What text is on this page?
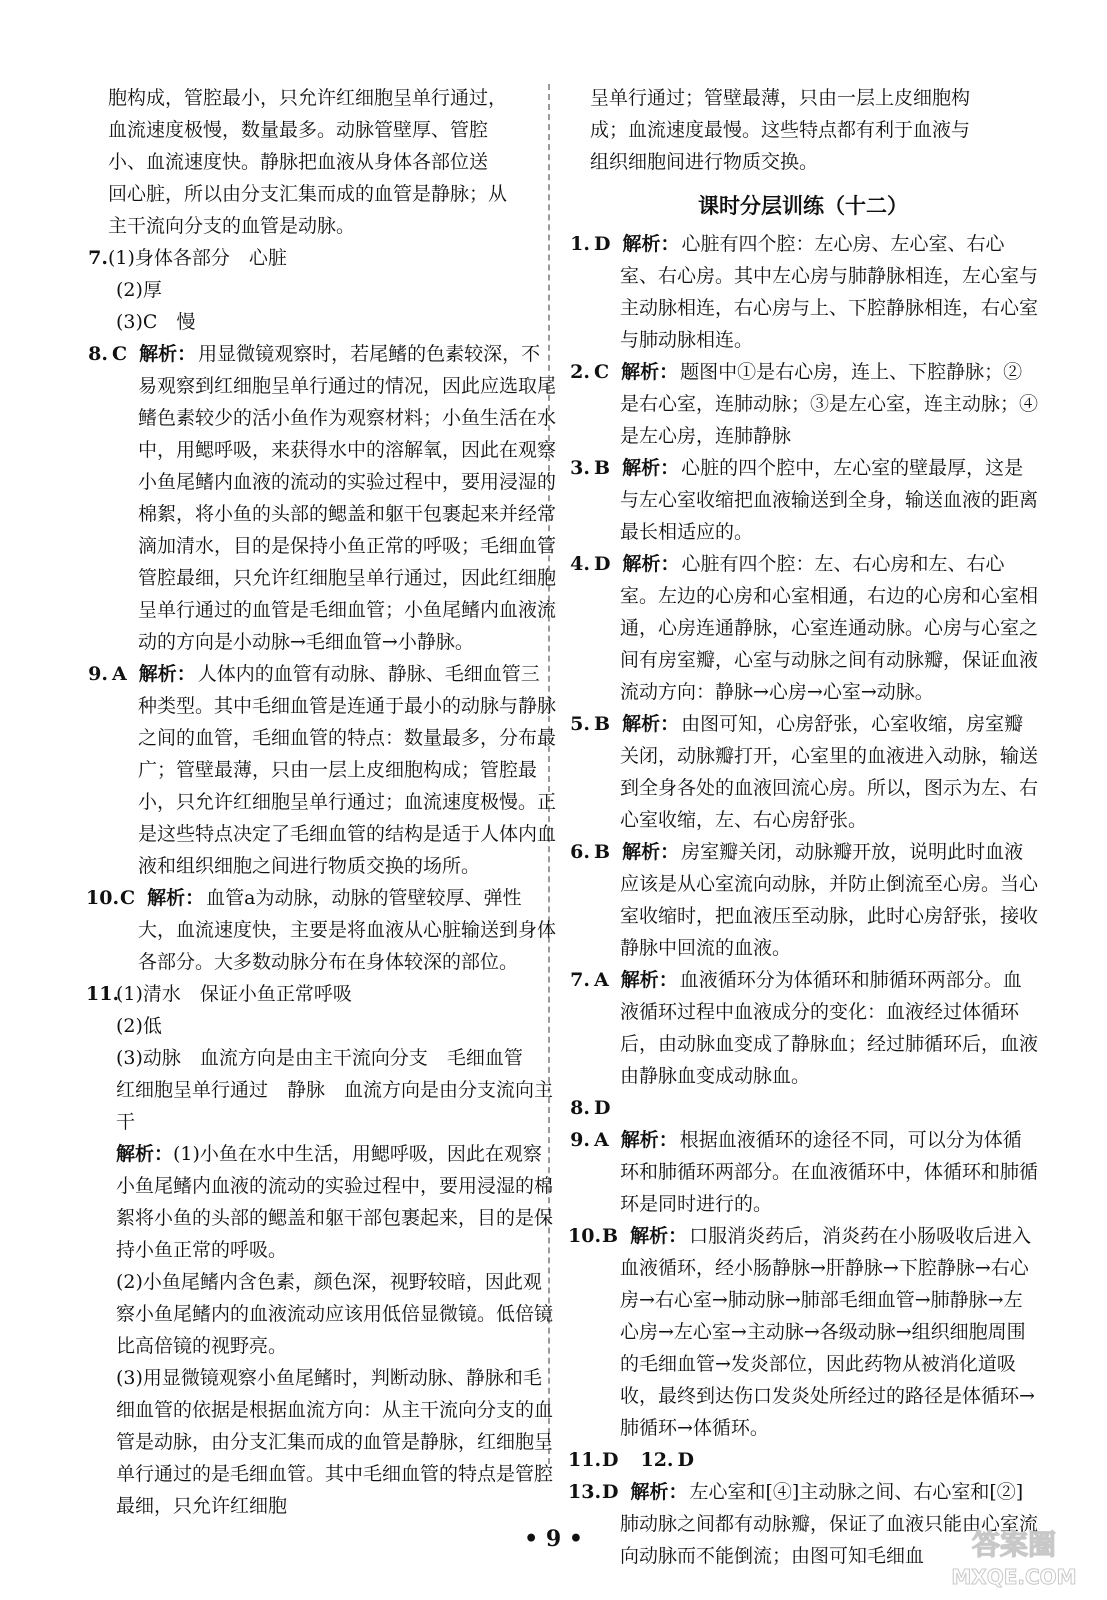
胞构成，管腔最小，只允许红细胞呈单行通过，

血流速度极慢，数量最多。动脉管壁厚、管腔

小、血流速度快。静脉把血液从身体各部位送

回心脏，所以由分支汇集而成的血管是静脉；从

主干流向分支的血管是动脉。

7.(1)身体各部分　心脏

(2)厚

(3)C　慢

8. C 解析： 用显微镜观察时，若尾鳍的色素较深，不易观察到红细胞呈单行通过的情况，因此应选取尾鳍色素较少的活小鱼作为观察材料；小鱼生活在水中，用鳃呼吸，来获得水中的溶解氧，因此在观察小鱼尾鳍内血液的流动的实验过程中，要用浸湿的棉絮，将小鱼的头部的鳃盖和躯干包裹起来并经常滴加清水，目的是保持小鱼正常的呼吸；毛细血管管腔最细，只允许红细胞呈单行通过，因此红细胞呈单行通过的血管是毛细血管；小鱼尾鳍内血液流动的方向是小动脉→毛细血管→小静脉。

9. A 解析： 人体内的血管有动脉、静脉、毛细血管三种类型。其中毛细血管是连通于最小的动脉与静脉之间的血管，毛细血管的特点：数量最多，分布最广；管壁最薄，只由一层上皮细胞构成；管腔最小，只允许红细胞呈单行通过；血流速度极慢。正是这些特点决定了毛细血管的结构是适于人体内血液和组织细胞之间进行物质交换的场所。

10.C 解析： 血管a为动脉，动脉的管壁较厚、弹性大，血流速度快，主要是将血液从心脏输送到身体各部分。大多数动脉分布在身体较深的部位。

11.(1)清水　保证小鱼正常呼吸

(2)低

(3)动脉　血流方向是由主干流向分支　毛细血管　红细胞呈单行通过　静脉　血流方向是由分支流向主干

解析：(1)小鱼在水中生活，用鳃呼吸，因此在观察小鱼尾鳍内血液的流动的实验过程中，要用浸湿的棉絮将小鱼的头部的鳃盖和躯干部包裹起来，目的是保持小鱼正常的呼吸。

(2)小鱼尾鳍内含色素，颜色深，视野较暗，因此观察小鱼尾鳍内的血液流动应该用低倍显微镜。低倍镜比高倍镜的视野亮。

(3)用显微镜观察小鱼尾鳍时，判断动脉、静脉和毛细血管的依据是根据血流方向：从主干流向分支的血管是动脉，由分支汇集而成的血管是静脉，红细胞呈单行通过的是毛细血管。其中毛细血管的特点是管腔最细，只允许红细胞

呈单行通过；管壁最薄，只由一层上皮细胞构

成；血流速度最慢。这些特点都有利于血液与

组织细胞间进行物质交换。

课时分层训练（十二）

1. D 解析： 心脏有四个腔：左心房、左心室、右心室、右心房。其中左心房与肺静脉相连，左心室与主动脉相连，右心房与上、下腔静脉相连，右心室与肺动脉相连。

2. C 解析： 题图中①是右心房，连上、下腔静脉；②是右心室，连肺动脉；③是左心室，连主动脉；④是左心房，连肺静脉

3. B 解析： 心脏的四个腔中，左心室的壁最厚，这是与左心室收缩把血液输送到全身，输送血液的距离最长相适应的。

4. D 解析： 心脏有四个腔：左、右心房和左、右心室。左边的心房和心室相通，右边的心房和心室相通，心房连通静脉，心室连通动脉。心房与心室之间有房室瓣，心室与动脉之间有动脉瓣，保证血液流动方向：静脉→心房→心室→动脉。

5. B 解析： 由图可知，心房舒张，心室收缩，房室瓣关闭，动脉瓣打开，心室里的血液进入动脉，输送到全身各处的血液回流心房。所以，图示为左、右心室收缩，左、右心房舒张。

6. B 解析： 房室瓣关闭，动脉瓣开放，说明此时血液应该是从心室流向动脉，并防止倒流至心房。当心室收缩时，把血液压至动脉，此时心房舒张，接收静脉中回流的血液。

7. A 解析： 血液循环分为体循环和肺循环两部分。血液循环过程中血液成分的变化：血液经过体循环后，由动脉血变成了静脉血；经过肺循环后，血液由静脉血变成动脉血。

8. D

9. A 解析： 根据血液循环的途径不同，可以分为体循环和肺循环两部分。在血液循环中，体循环和肺循环是同时进行的。

10.B 解析： 口服消炎药后，消炎药在小肠吸收后进入血液循环，经小肠静脉→肝静脉→下腔静脉→右心房→右心室→肺动脉→肺部毛细血管→肺静脉→左心房→左心室→主动脉→各级动脉→组织细胞周围的毛细血管→发炎部位，因此药物从被消化道吸收，最终到达伤口发炎处所经过的路径是体循环→肺循环→体循环。

11.D 12. D

13.D 解析： 左心室和[④]主动脉之间、右心室和[②]肺动脉之间都有动脉瓣，保证了血液只能由心室流向动脉而不能倒流；由图可知毛细血

• 9 •	答案圈
MXQE.COM
